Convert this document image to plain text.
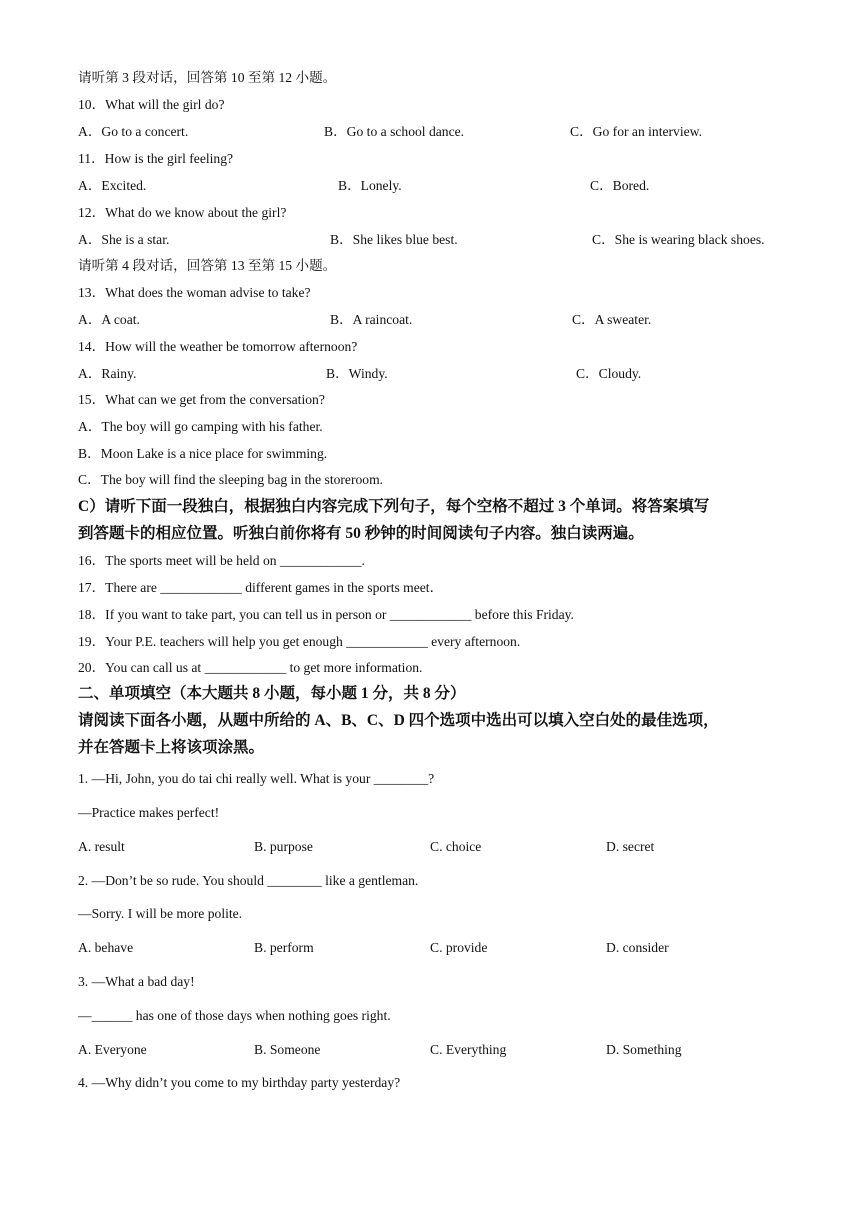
请听第 3 段对话，回答第 10 至第 12 小题。
10．What will the girl do?
A．Go to a concert.	B．Go to a school dance.	C．Go for an interview.
11．How is the girl feeling?
A．Excited.	B．Lonely.	C．Bored.
12．What do we know about the girl?
A．She is a star.	B．She likes blue best.	C．She is wearing black shoes.
请听第 4 段对话，回答第 13 至第 15 小题。
13．What does the woman advise to take?
A．A coat.	B．A raincoat.	C．A sweater.
14．How will the weather be tomorrow afternoon?
A．Rainy.	B．Windy.	C．Cloudy.
15．What can we get from the conversation?
A．The boy will go camping with his father.
B．Moon Lake is a nice place for swimming.
C．The boy will find the sleeping bag in the storeroom.
C）请听下面一段独白，根据独白内容完成下列句子，每个空格不超过 3 个单词。将答案填写
到答题卡的相应位置。听独白前你将有 50 秒钟的时间阅读句子内容。独白读两遍。
16．The sports meet will be held on ____________.
17．There are ____________ different games in the sports meet．
18．If you want to take part, you can tell us in person or ____________ before this Friday.
19．Your P.E. teachers will help you get enough ____________ every afternoon.
20．You can call us at ____________ to get more information.
二、单项填空（本大题共 8 小题，每小题 1 分，共 8 分）
请阅读下面各小题，从题中所给的 A、B、C、D 四个选项中选出可以填入空白处的最佳选项，
并在答题卡上将该项涂黑。
1. —Hi, John, you do tai chi really well. What is your ________?
—Practice makes perfect!
A. result	B. purpose	C. choice	D. secret
2. —Don’t be so rude. You should ________ like a gentleman.
—Sorry. I will be more polite.
A. behave	B. perform	C. provide	D. consider
3. —What a bad day!
—______ has one of those days when nothing goes right.
A. Everyone	B. Someone	C. Everything	D. Something
4. —Why didn’t you come to my birthday party yesterday?
